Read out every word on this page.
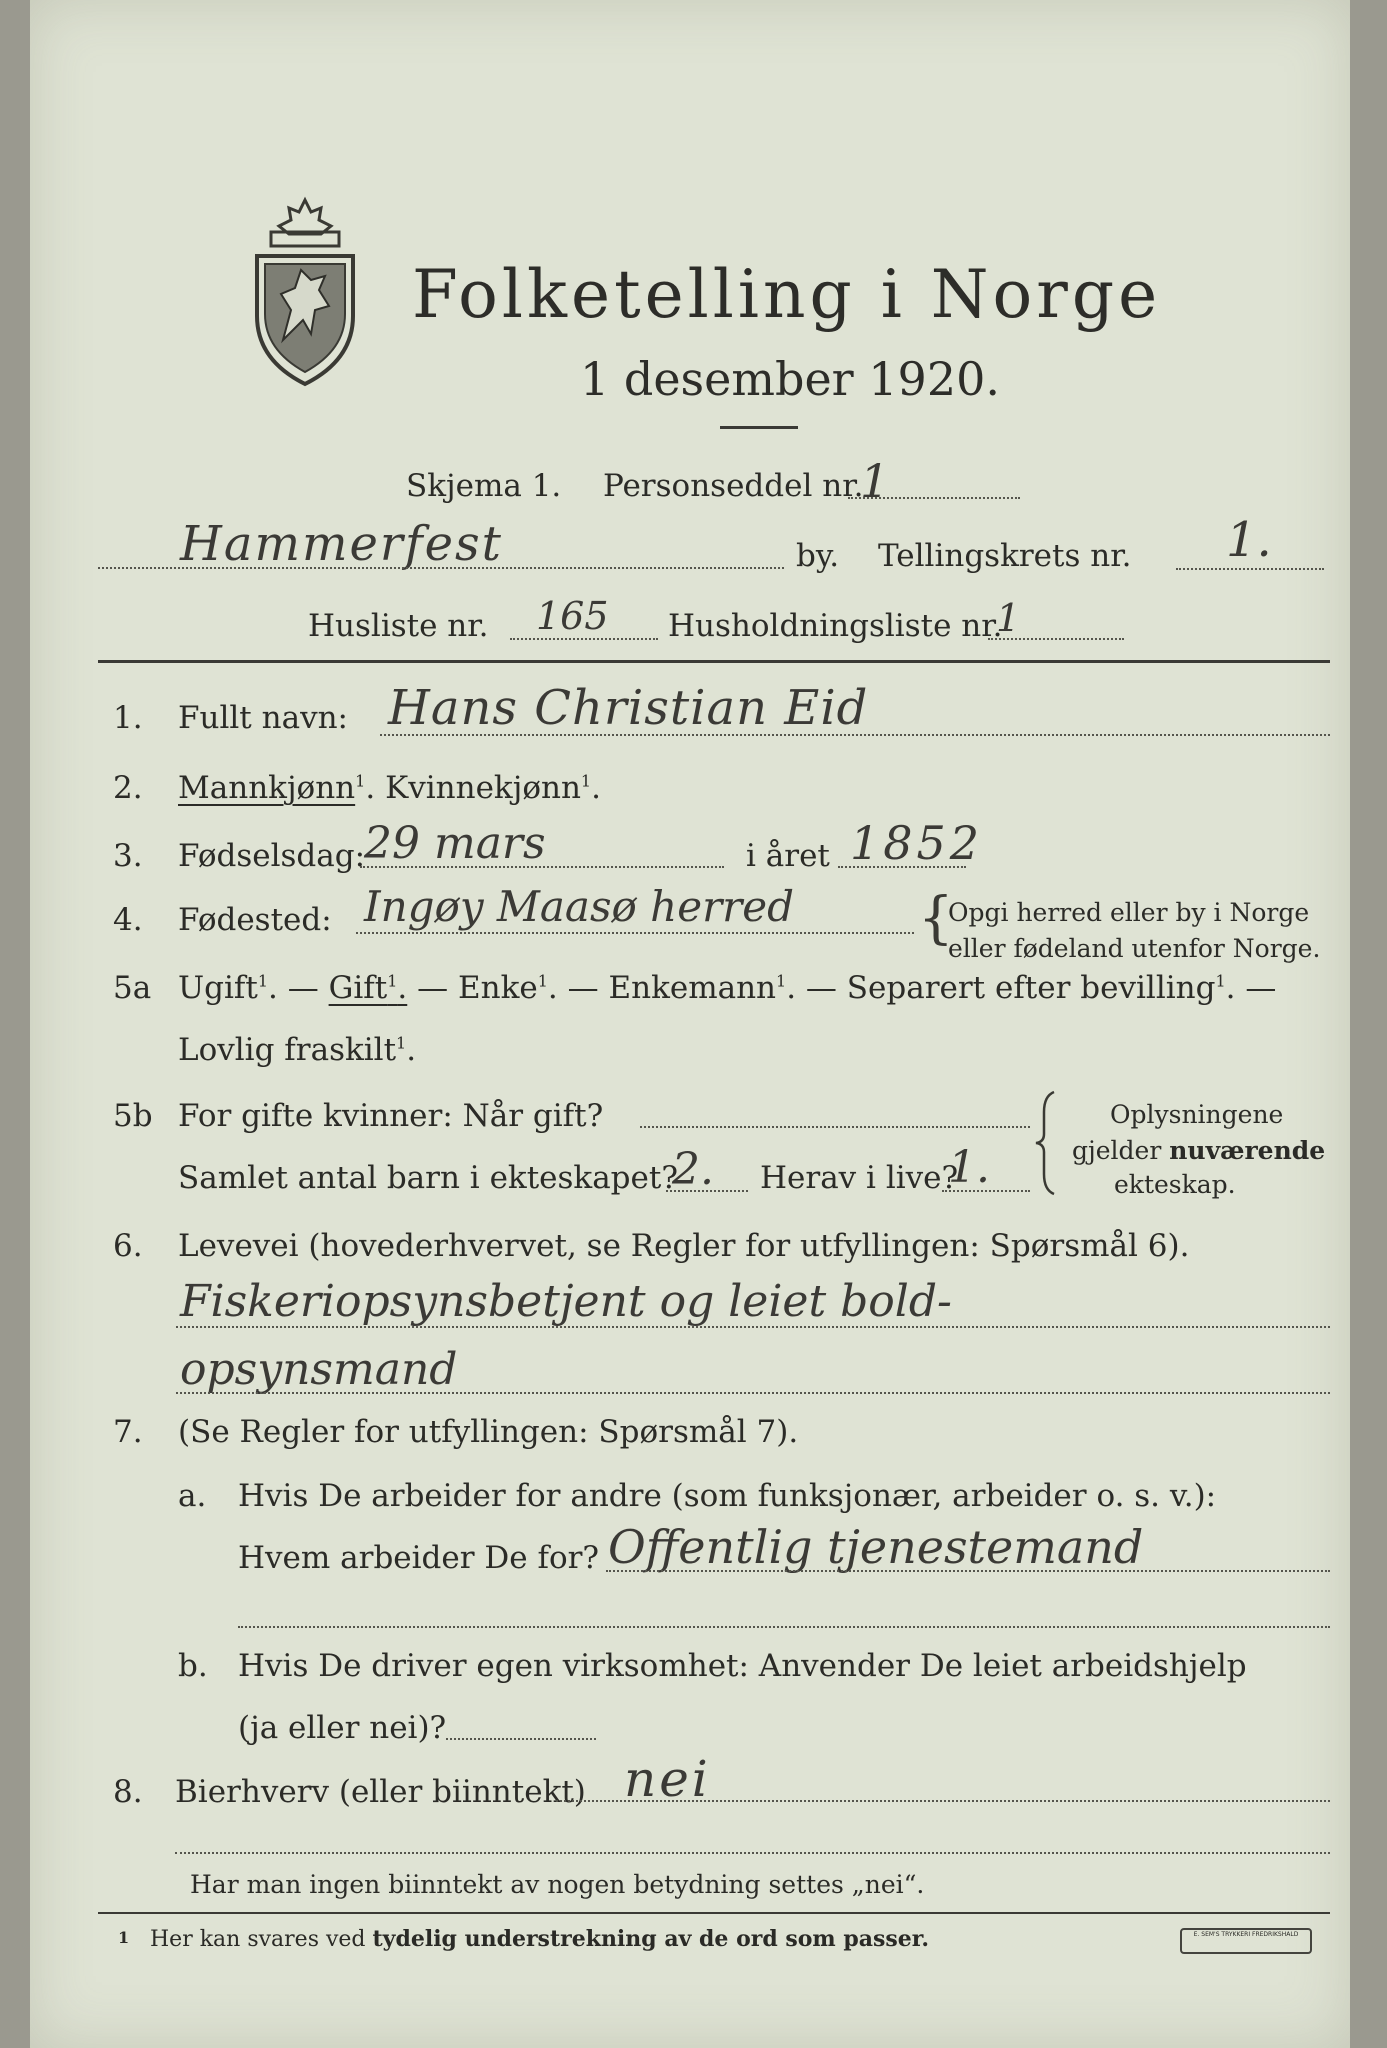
Folketelling i Norge
1 desember 1920.
Skjema 1. Personseddel nr.
1
Hammerfest	by. Tellingskrets nr. 1.
Husliste nr. 165 Husholdningsliste nr.
1
1. Fullt navn: Hans Christian Eid
2. Mannkjønn$^1$. Kvinnekjønn$^1$.
3. Fødselsdag:
29 mars	i året 1852
4. Fødested: Ingøy Maasø herred {
Opgi herred eller by i Norge
eller fødeland utenfor Norge.
5a Ugift$^1$. — Gift$^1$. — Enke$^1$. — Enkemann$^1$. — Separert efter bevilling$^1$. —
Lovlig fraskilt$^1$.
5b For gifte kvinner: Når gift?
Samlet antal barn i ekteskapet?
2. Herav i live?
1.
Oplysningene
gjelder nuværende
ekteskap.
6. Levevei (hovederhvervet, se Regler for utfyllingen: Spørsmål 6).
Fiskeriopsynsbetjent og leiet bold-
opsynsmand
7. (Se Regler for utfyllingen: Spørsmål 7).
a. Hvis De arbeider for andre (som funksjonær, arbeider o. s. v.):
Hvem arbeider De for? Offentlig tjenestemand
b. Hvis De driver egen virksomhet: Anvender De leiet arbeidshjelp
(ja eller nei)?
8. Bierhverv (eller biinntekt) nei
Har man ingen biinntekt av nogen betydning settes „nei“.
1 Her kan svares ved tydelig understrekning av de ord som passer.	E. SEM'S TRYKKERI FREDRIKSHALD
